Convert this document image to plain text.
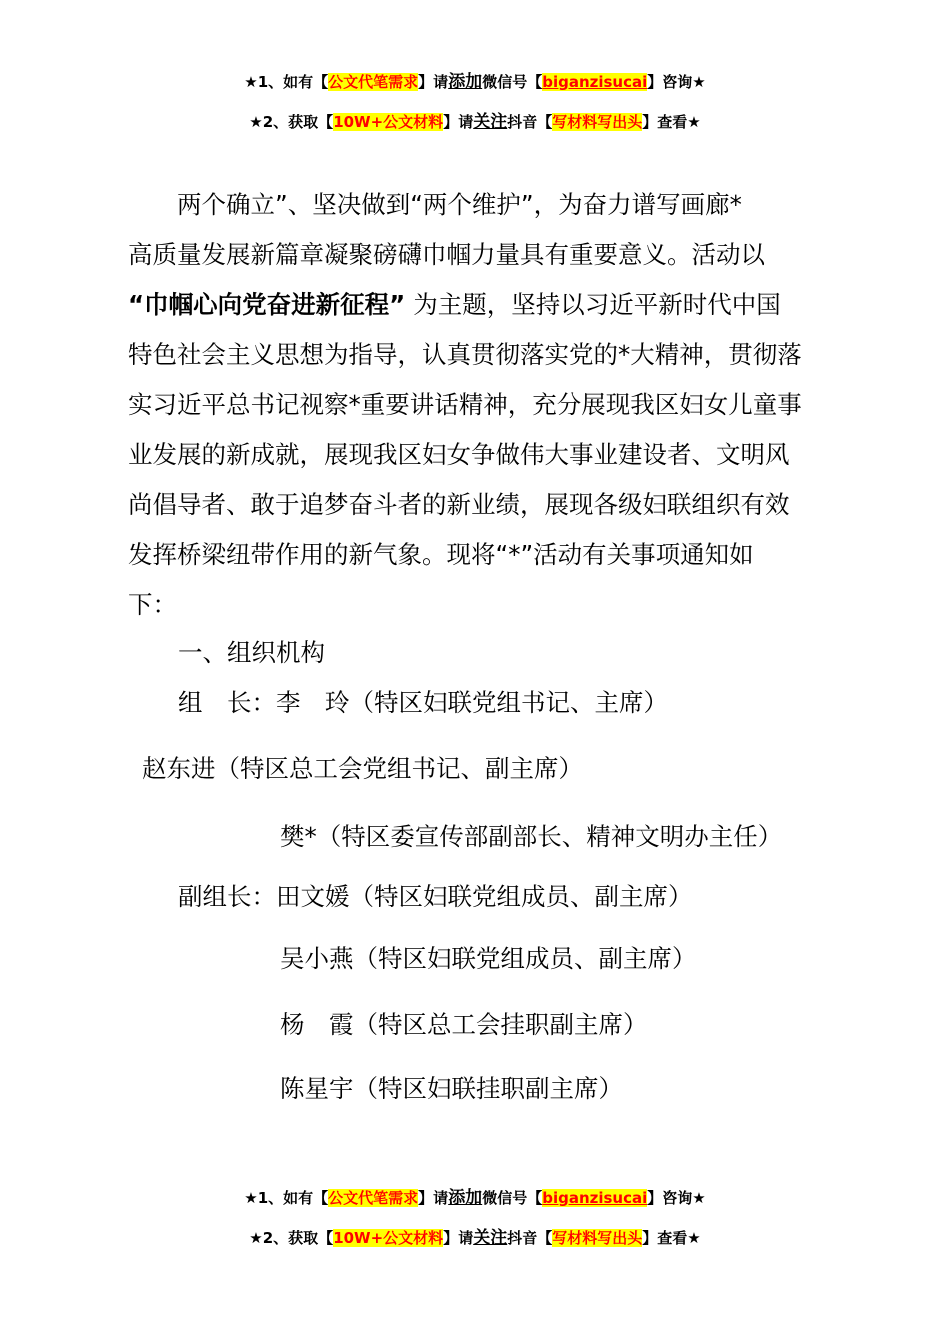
★1、如有【公文代笔需求】请添加微信号【biganzisucai】咨询★
★2、获取【10W+公文材料】请关注抖音【写材料写出头】查看★
两个确立”、坚决做到“两个维护”，为奋力谱写画廊*
高质量发展新篇章凝聚磅礴巾帼力量具有重要意义。活动以
“巾帼心向党奋进新征程” 为主题，坚持以习近平新时代中国
特色社会主义思想为指导，认真贯彻落实党的*大精神，贯彻落
实习近平总书记视察*重要讲话精神，充分展现我区妇女儿童事
业发展的新成就，展现我区妇女争做伟大事业建设者、文明风
尚倡导者、敢于追梦奋斗者的新业绩，展现各级妇联组织有效
发挥桥梁纽带作用的新气象。现将“*”活动有关事项通知如
下：
一、组织机构
组　长：李　玲（特区妇联党组书记、主席）
赵东进（特区总工会党组书记、副主席）
樊*（特区委宣传部副部长、精神文明办主任）
副组长：田文媛（特区妇联党组成员、副主席）
吴小燕（特区妇联党组成员、副主席）
杨　霞（特区总工会挂职副主席）
陈星宇（特区妇联挂职副主席）
★1、如有【公文代笔需求】请添加微信号【biganzisucai】咨询★
★2、获取【10W+公文材料】请关注抖音【写材料写出头】查看★
